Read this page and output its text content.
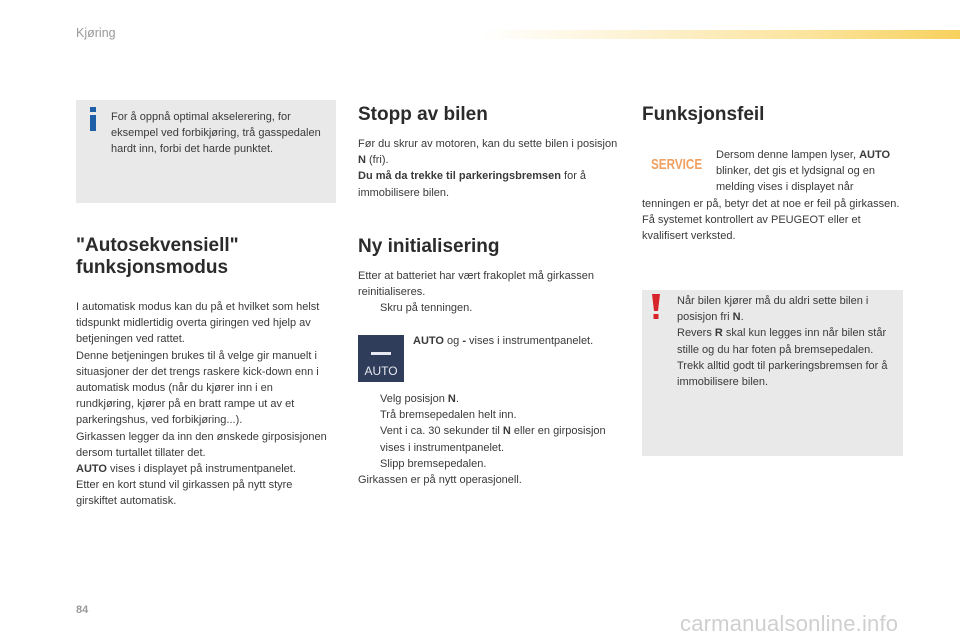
Kjøring

For å oppnå optimal akselerering, for eksempel ved forbikjøring, trå gasspedalen hardt inn, forbi det harde punktet.

"Autosekvensiell" funksjonsmodus

I automatisk modus kan du på et hvilket som helst tidspunkt midlertidig overta giringen ved hjelp av betjeningen ved rattet.

Denne betjeningen brukes til å velge gir manuelt i situasjoner der det trengs raskere kick-down enn i automatisk modus (når du kjører inn i en rundkjøring, kjører på en bratt rampe ut av et parkeringshus, ved forbikjøring...).

Girkassen legger da inn den ønskede girposisjonen dersom turtallet tillater det.

AUTO vises i displayet på instrumentpanelet.

Etter en kort stund vil girkassen på nytt styre girskiftet automatisk.

Stopp av bilen

Før du skrur av motoren, kan du sette bilen i posisjon N (fri).

Du må da trekke til parkeringsbremsen for å immobilisere bilen.

Ny initialisering

Etter at batteriet har vært frakoplet må girkassen reinitialiseres.

Skru på tenningen.
AUTO
AUTO og - vises i instrumentpanelet.
Velg posisjon N.
Trå bremsepedalen helt inn.
Vent i ca. 30 sekunder til N eller en girposisjon vises i instrumentpanelet.
Slipp bremsepedalen.

Girkassen er på nytt operasjonell.

Funksjonsfeil
SERVICE

Dersom denne lampen lyser, AUTO blinker, det gis et lydsignal og en melding vises i displayet når tenningen er på, betyr det at noe er feil på girkassen.

Få systemet kontrollert av PEUGEOT eller et kvalifisert verksted.

Når bilen kjører må du aldri sette bilen i posisjon fri N.

Revers R skal kun legges inn når bilen står stille og du har foten på bremsepedalen.

Trekk alltid godt til parkeringsbremsen for å immobilisere bilen.

84
carmanualsonline.info
